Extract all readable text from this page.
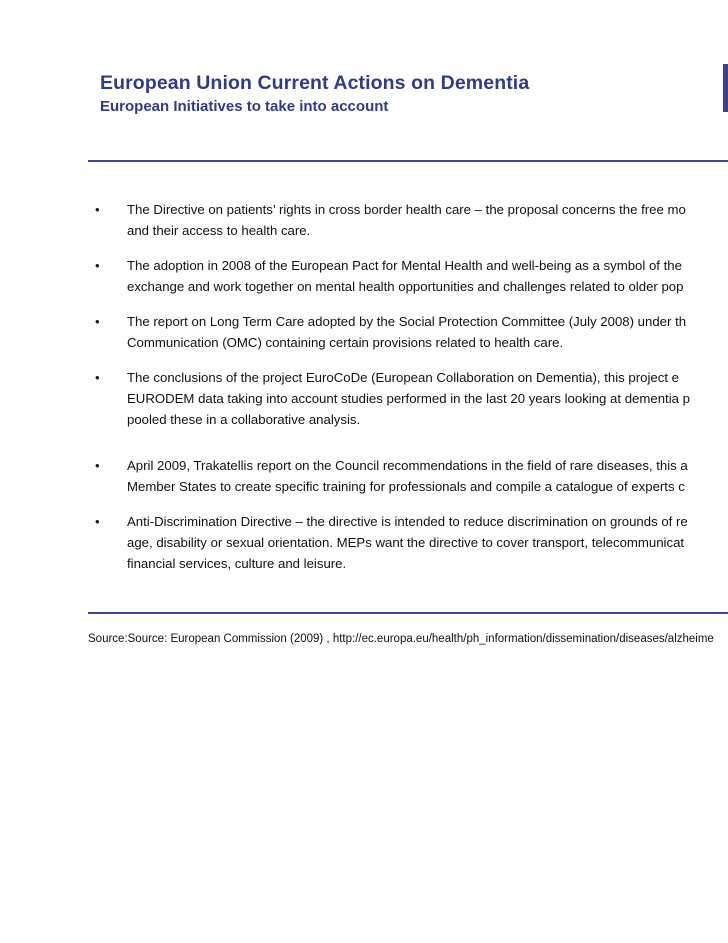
European Union Current Actions on Dementia
European Initiatives to take into account
•	The Directive on patients’ rights in cross border health care – the proposal concerns the free mo
and their access to health care.
•	The adoption in 2008 of the European Pact for Mental Health and well-being as a symbol of the
exchange and work together on mental health opportunities and challenges related to older pop
•	The report on Long Term Care adopted by the Social Protection Committee (July 2008) under th
Communication (OMC) containing certain provisions related to health care.
•	The conclusions of the project EuroCoDe (European Collaboration on Dementia), this project e
EURODEM data taking into account studies performed in the last 20 years looking at dementia p
pooled these in a collaborative analysis.
•	April 2009, Trakatellis report on the Council recommendations in the field of rare diseases, this a
Member States to create specific training for professionals and compile a catalogue of experts c
•	Anti-Discrimination Directive – the directive is intended to reduce discrimination on grounds of re
age, disability or sexual orientation. MEPs want the directive to cover transport, telecommunicat
financial services, culture and leisure.
Source:Source: European Commission (2009) , http://ec.europa.eu/health/ph_information/dissemination/diseases/alzheime
